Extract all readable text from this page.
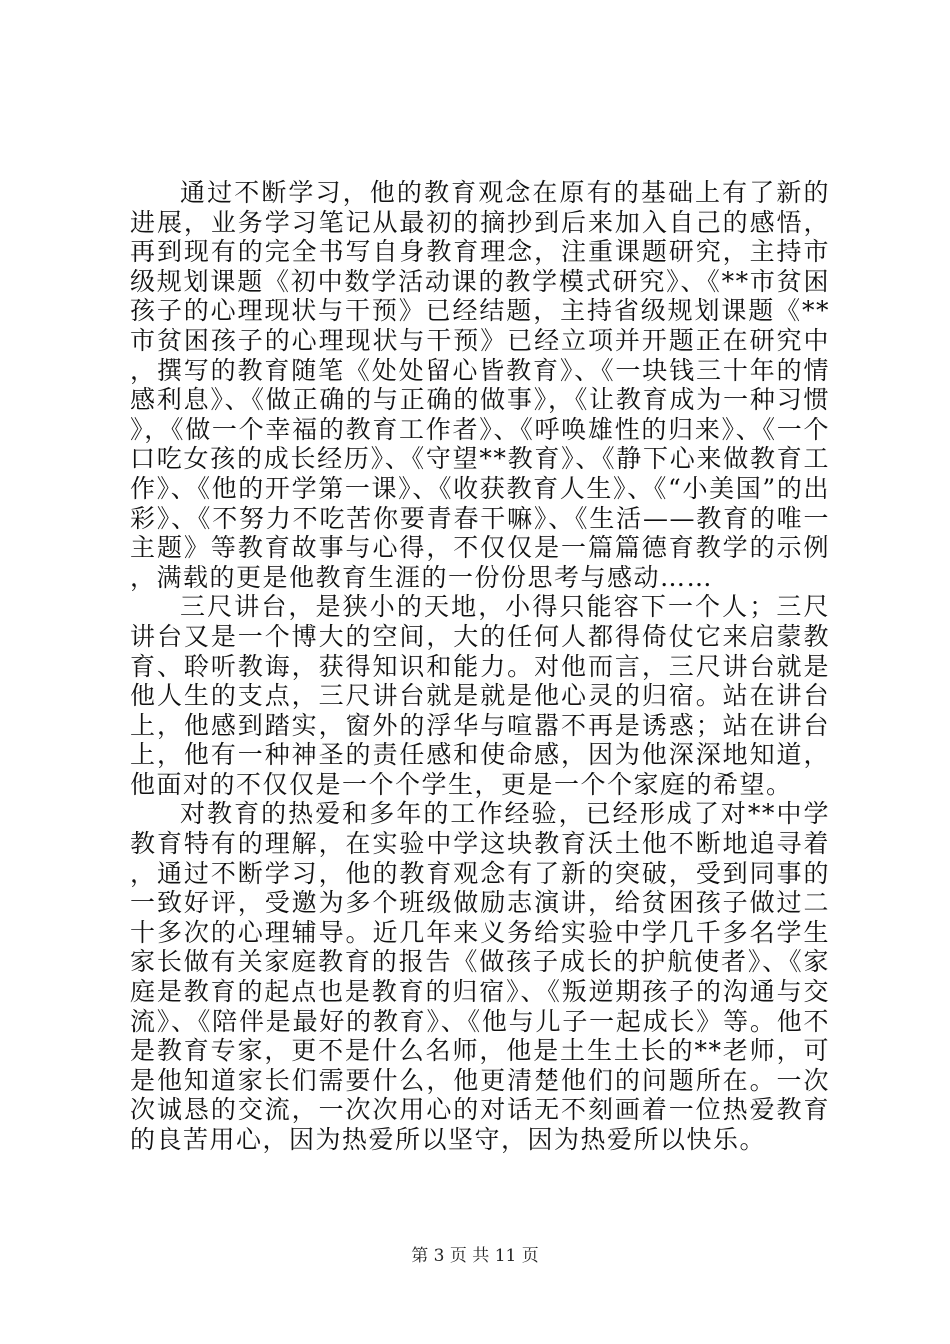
通过不断学习，他的教育观念在原有的基础上有了新的进展，业务学习笔记从最初的摘抄到后来加入自己的感悟，再到现有的完全书写自身教育理念，注重课题研究，主持市级规划课题《初中数学活动课的教学模式研究》、《**市贫困孩子的心理现状与干预》已经结题，主持省级规划课题《**市贫困孩子的心理现状与干预》已经立项并开题正在研究中，撰写的教育随笔《处处留心皆教育》、《一块钱三十年的情感利息》、《做正确的与正确的做事》，《让教育成为一种习惯》，《做一个幸福的教育工作者》、《呼唤雄性的归来》、《一个口吃女孩的成长经历》、《守望**教育》、《静下心来做教育工作》、《他的开学第一课》、《收获教育人生》、《“小美国”的出彩》、《不努力不吃苦你要青春干嘛》、《生活——教育的唯一主题》等教育故事与心得，不仅仅是一篇篇德育教学的示例，满载的更是他教育生涯的一份份思考与感动……

三尺讲台，是狭小的天地，小得只能容下一个人；三尺讲台又是一个博大的空间，大的任何人都得倚仗它来启蒙教育、聆听教诲，获得知识和能力。对他而言，三尺讲台就是他人生的支点，三尺讲台就是就是他心灵的归宿。站在讲台上，他感到踏实，窗外的浮华与喧嚣不再是诱惑；站在讲台上，他有一种神圣的责任感和使命感，因为他深深地知道，他面对的不仅仅是一个个学生，更是一个个家庭的希望。

对教育的热爱和多年的工作经验，已经形成了对**中学教育特有的理解，在实验中学这块教育沃土他不断地追寻着，通过不断学习，他的教育观念有了新的突破，受到同事的一致好评，受邀为多个班级做励志演讲，给贫困孩子做过二十多次的心理辅导。近几年来义务给实验中学几千多名学生家长做有关家庭教育的报告《做孩子成长的护航使者》、《家庭是教育的起点也是教育的归宿》、《叛逆期孩子的沟通与交流》、《陪伴是最好的教育》、《他与儿子一起成长》等。他不是教育专家，更不是什么名师，他是土生土长的**老师，可是他知道家长们需要什么，他更清楚他们的问题所在。一次次诚恳的交流，一次次用心的对话无不刻画着一位热爱教育的良苦用心，因为热爱所以坚守，因为热爱所以快乐。

第 3 页 共 11 页
